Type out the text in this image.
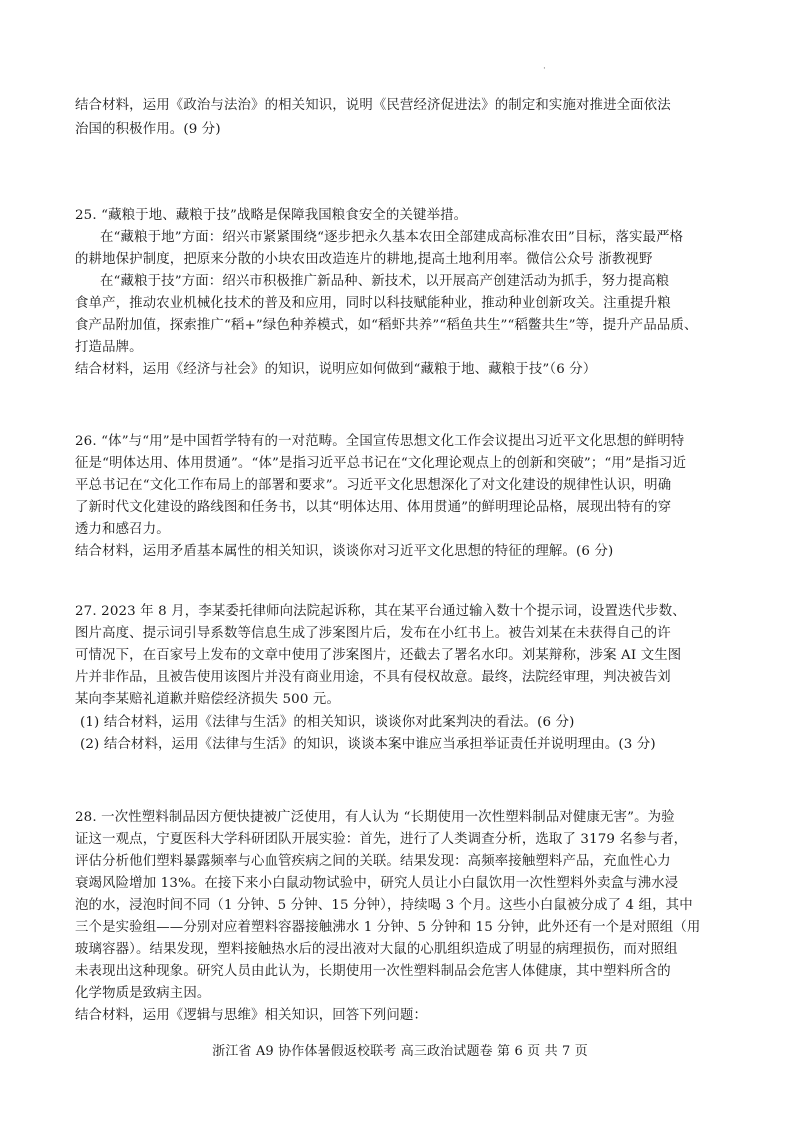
·
结合材料，运用《政治与法治》的相关知识，说明《民营经济促进法》的制定和实施对推进全面依法
治国的积极作用。(9 分)
25. “藏粮于地、藏粮于技”战略是保障我国粮食安全的关键举措。
在“藏粮于地”方面：绍兴市紧紧围绕“逐步把永久基本农田全部建成高标准农田”目标，落实最严格
的耕地保护制度，把原来分散的小块农田改造连片的耕地,提高土地利用率。微信公众号 浙教视野
在“藏粮于技”方面：绍兴市积极推广新品种、新技术，以开展高产创建活动为抓手，努力提高粮
食单产，推动农业机械化技术的普及和应用，同时以科技赋能种业，推动种业创新攻关。注重提升粮
食产品附加值，探索推广“稻+”绿色种养模式，如“稻虾共养”“稻鱼共生”“稻鳖共生”等，提升产品品质、
打造品牌。
结合材料，运用《经济与社会》的知识，说明应如何做到“藏粮于地、藏粮于技”（6 分）
26. “体”与“用”是中国哲学特有的一对范畴。全国宣传思想文化工作会议提出习近平文化思想的鲜明特
征是“明体达用、体用贯通”。“体”是指习近平总书记在“文化理论观点上的创新和突破”；“用”是指习近
平总书记在“文化工作布局上的部署和要求”。习近平文化思想深化了对文化建设的规律性认识，明确
了新时代文化建设的路线图和任务书，以其“明体达用、体用贯通”的鲜明理论品格，展现出特有的穿
透力和感召力。
结合材料，运用矛盾基本属性的相关知识，谈谈你对习近平文化思想的特征的理解。(6 分)
27. 2023 年 8 月，李某委托律师向法院起诉称，其在某平台通过输入数十个提示词，设置迭代步数、
图片高度、提示词引导系数等信息生成了涉案图片后，发布在小红书上。被告刘某在未获得自己的许
可情况下，在百家号上发布的文章中使用了涉案图片，还截去了署名水印。刘某辩称，涉案 AI 文生图
片并非作品，且被告使用该图片并没有商业用途，不具有侵权故意。最终，法院经审理，判决被告刘
某向李某赔礼道歉并赔偿经济损失 500 元。
(1) 结合材料，运用《法律与生活》的相关知识，谈谈你对此案判决的看法。(6 分)
(2) 结合材料，运用《法律与生活》的知识，谈谈本案中谁应当承担举证责任并说明理由。(3 分)
28. 一次性塑料制品因方便快捷被广泛使用，有人认为 “长期使用一次性塑料制品对健康无害”。为验
证这一观点，宁夏医科大学科研团队开展实验：首先，进行了人类调查分析，选取了 3179 名参与者，
评估分析他们塑料暴露频率与心血管疾病之间的关联。结果发现：高频率接触塑料产品，充血性心力
衰竭风险增加 13%。在接下来小白鼠动物试验中，研究人员让小白鼠饮用一次性塑料外卖盒与沸水浸
泡的水，浸泡时间不同（1 分钟、5 分钟、15 分钟），持续喝 3 个月。这些小白鼠被分成了 4 组，其中
三个是实验组——分别对应着塑料容器接触沸水 1 分钟、5 分钟和 15 分钟，此外还有一个是对照组（用
玻璃容器）。结果发现，塑料接触热水后的浸出液对大鼠的心肌组织造成了明显的病理损伤，而对照组
未表现出这种现象。研究人员由此认为，长期使用一次性塑料制品会危害人体健康，其中塑料所含的
化学物质是致病主因。
结合材料，运用《逻辑与思维》相关知识，回答下列问题：
浙江省 A9 协作体暑假返校联考 高三政治试题卷 第 6 页 共 7 页
